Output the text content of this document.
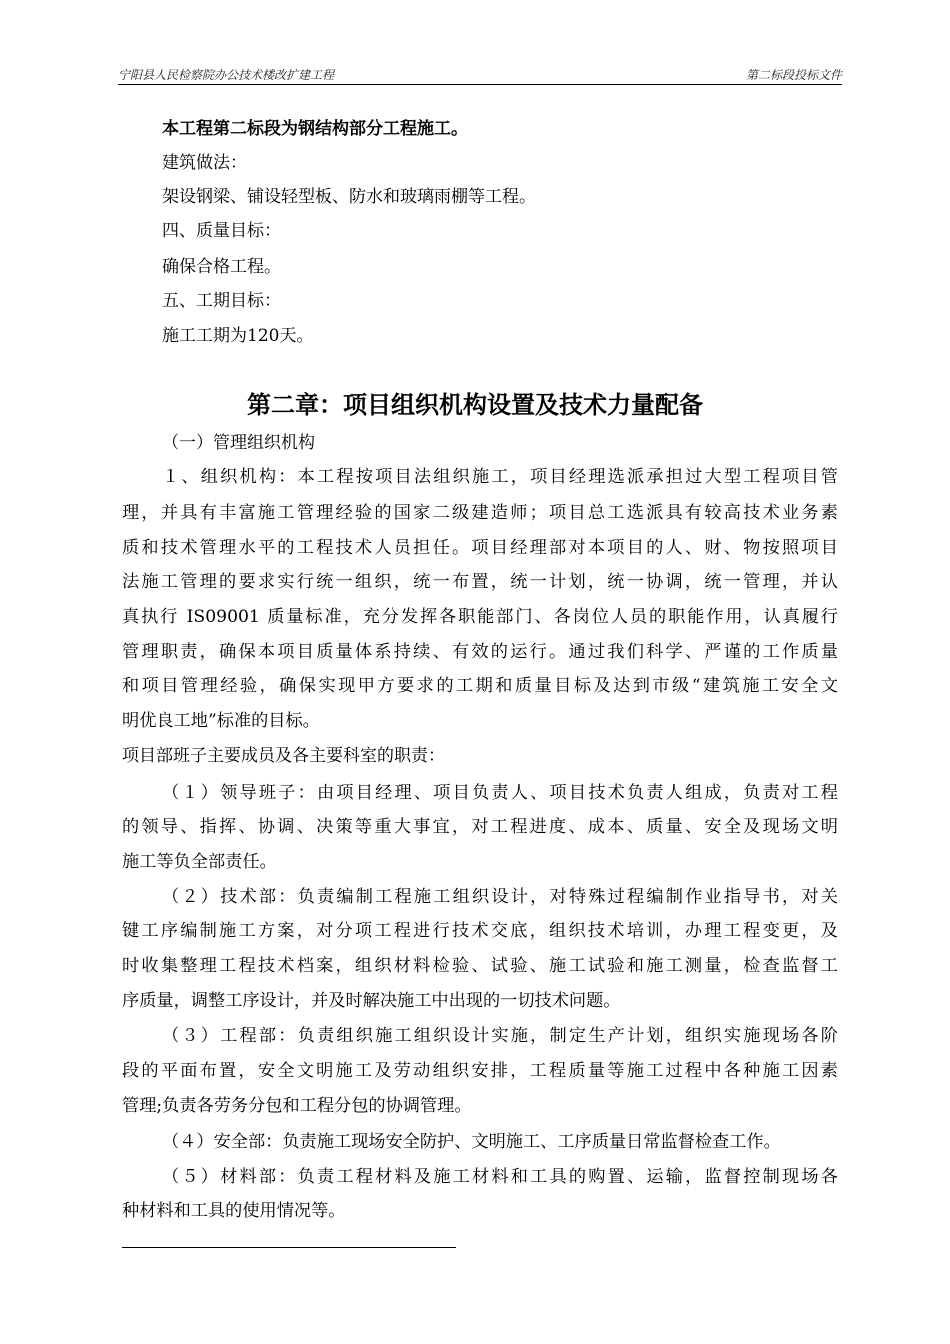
宁阳县人民检察院办公技术楼改扩建工程	第二标段投标文件
本工程第二标段为钢结构部分工程施工。
建筑做法：
架设钢梁、铺设轻型板、防水和玻璃雨棚等工程。
四、质量目标：
确保合格工程。
五、工期目标：
施工工期为120天。
第二章：项目组织机构设置及技术力量配备
（一）管理组织机构
１、组织机构：本工程按项目法组织施工，项目经理选派承担过大型工程项目管
理，并具有丰富施工管理经验的国家二级建造师；项目总工选派具有较高技术业务素
质和技术管理水平的工程技术人员担任。项目经理部对本项目的人、财、物按照项目
法施工管理的要求实行统一组织，统一布置，统一计划，统一协调，统一管理，并认
真执行 IS09001 质量标准，充分发挥各职能部门、各岗位人员的职能作用，认真履行
管理职责，确保本项目质量体系持续、有效的运行。通过我们科学、严谨的工作质量
和项目管理经验，确保实现甲方要求的工期和质量目标及达到市级“建筑施工安全文
明优良工地”标准的目标。
项目部班子主要成员及各主要科室的职责：
（１）领导班子：由项目经理、项目负责人、项目技术负责人组成，负责对工程
的领导、指挥、协调、决策等重大事宜，对工程进度、成本、质量、安全及现场文明
施工等负全部责任。
（２）技术部：负责编制工程施工组织设计，对特殊过程编制作业指导书，对关
键工序编制施工方案，对分项工程进行技术交底，组织技术培训，办理工程变更，及
时收集整理工程技术档案，组织材料检验、试验、施工试验和施工测量，检查监督工
序质量，调整工序设计，并及时解决施工中出现的一切技术问题。
（３）工程部：负责组织施工组织设计实施，制定生产计划，组织实施现场各阶
段的平面布置，安全文明施工及劳动组织安排，工程质量等施工过程中各种施工因素
管理;负责各劳务分包和工程分包的协调管理。
（４）安全部：负责施工现场安全防护、文明施工、工序质量日常监督检查工作。
（５）材料部：负责工程材料及施工材料和工具的购置、运输，监督控制现场各
种材料和工具的使用情况等。
